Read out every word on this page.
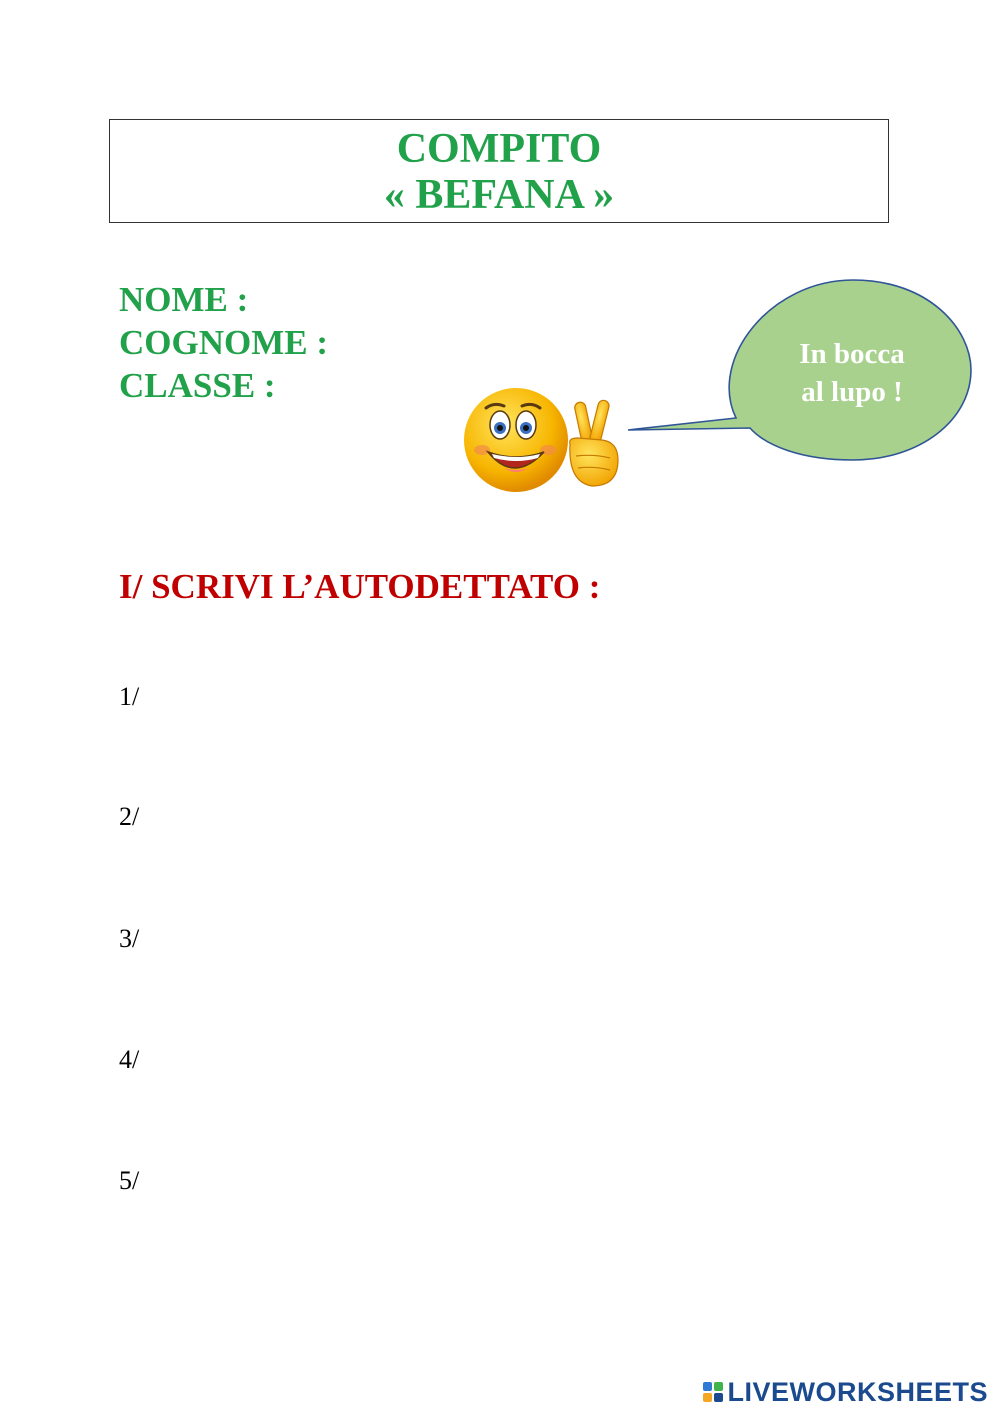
COMPITO
« BEFANA »
NOME :
COGNOME :
CLASSE :
In bocca
al lupo !
I/ SCRIVI L’AUTODETTATO :
1/
2/
3/
4/
5/
LIVEWORKSHEETS
